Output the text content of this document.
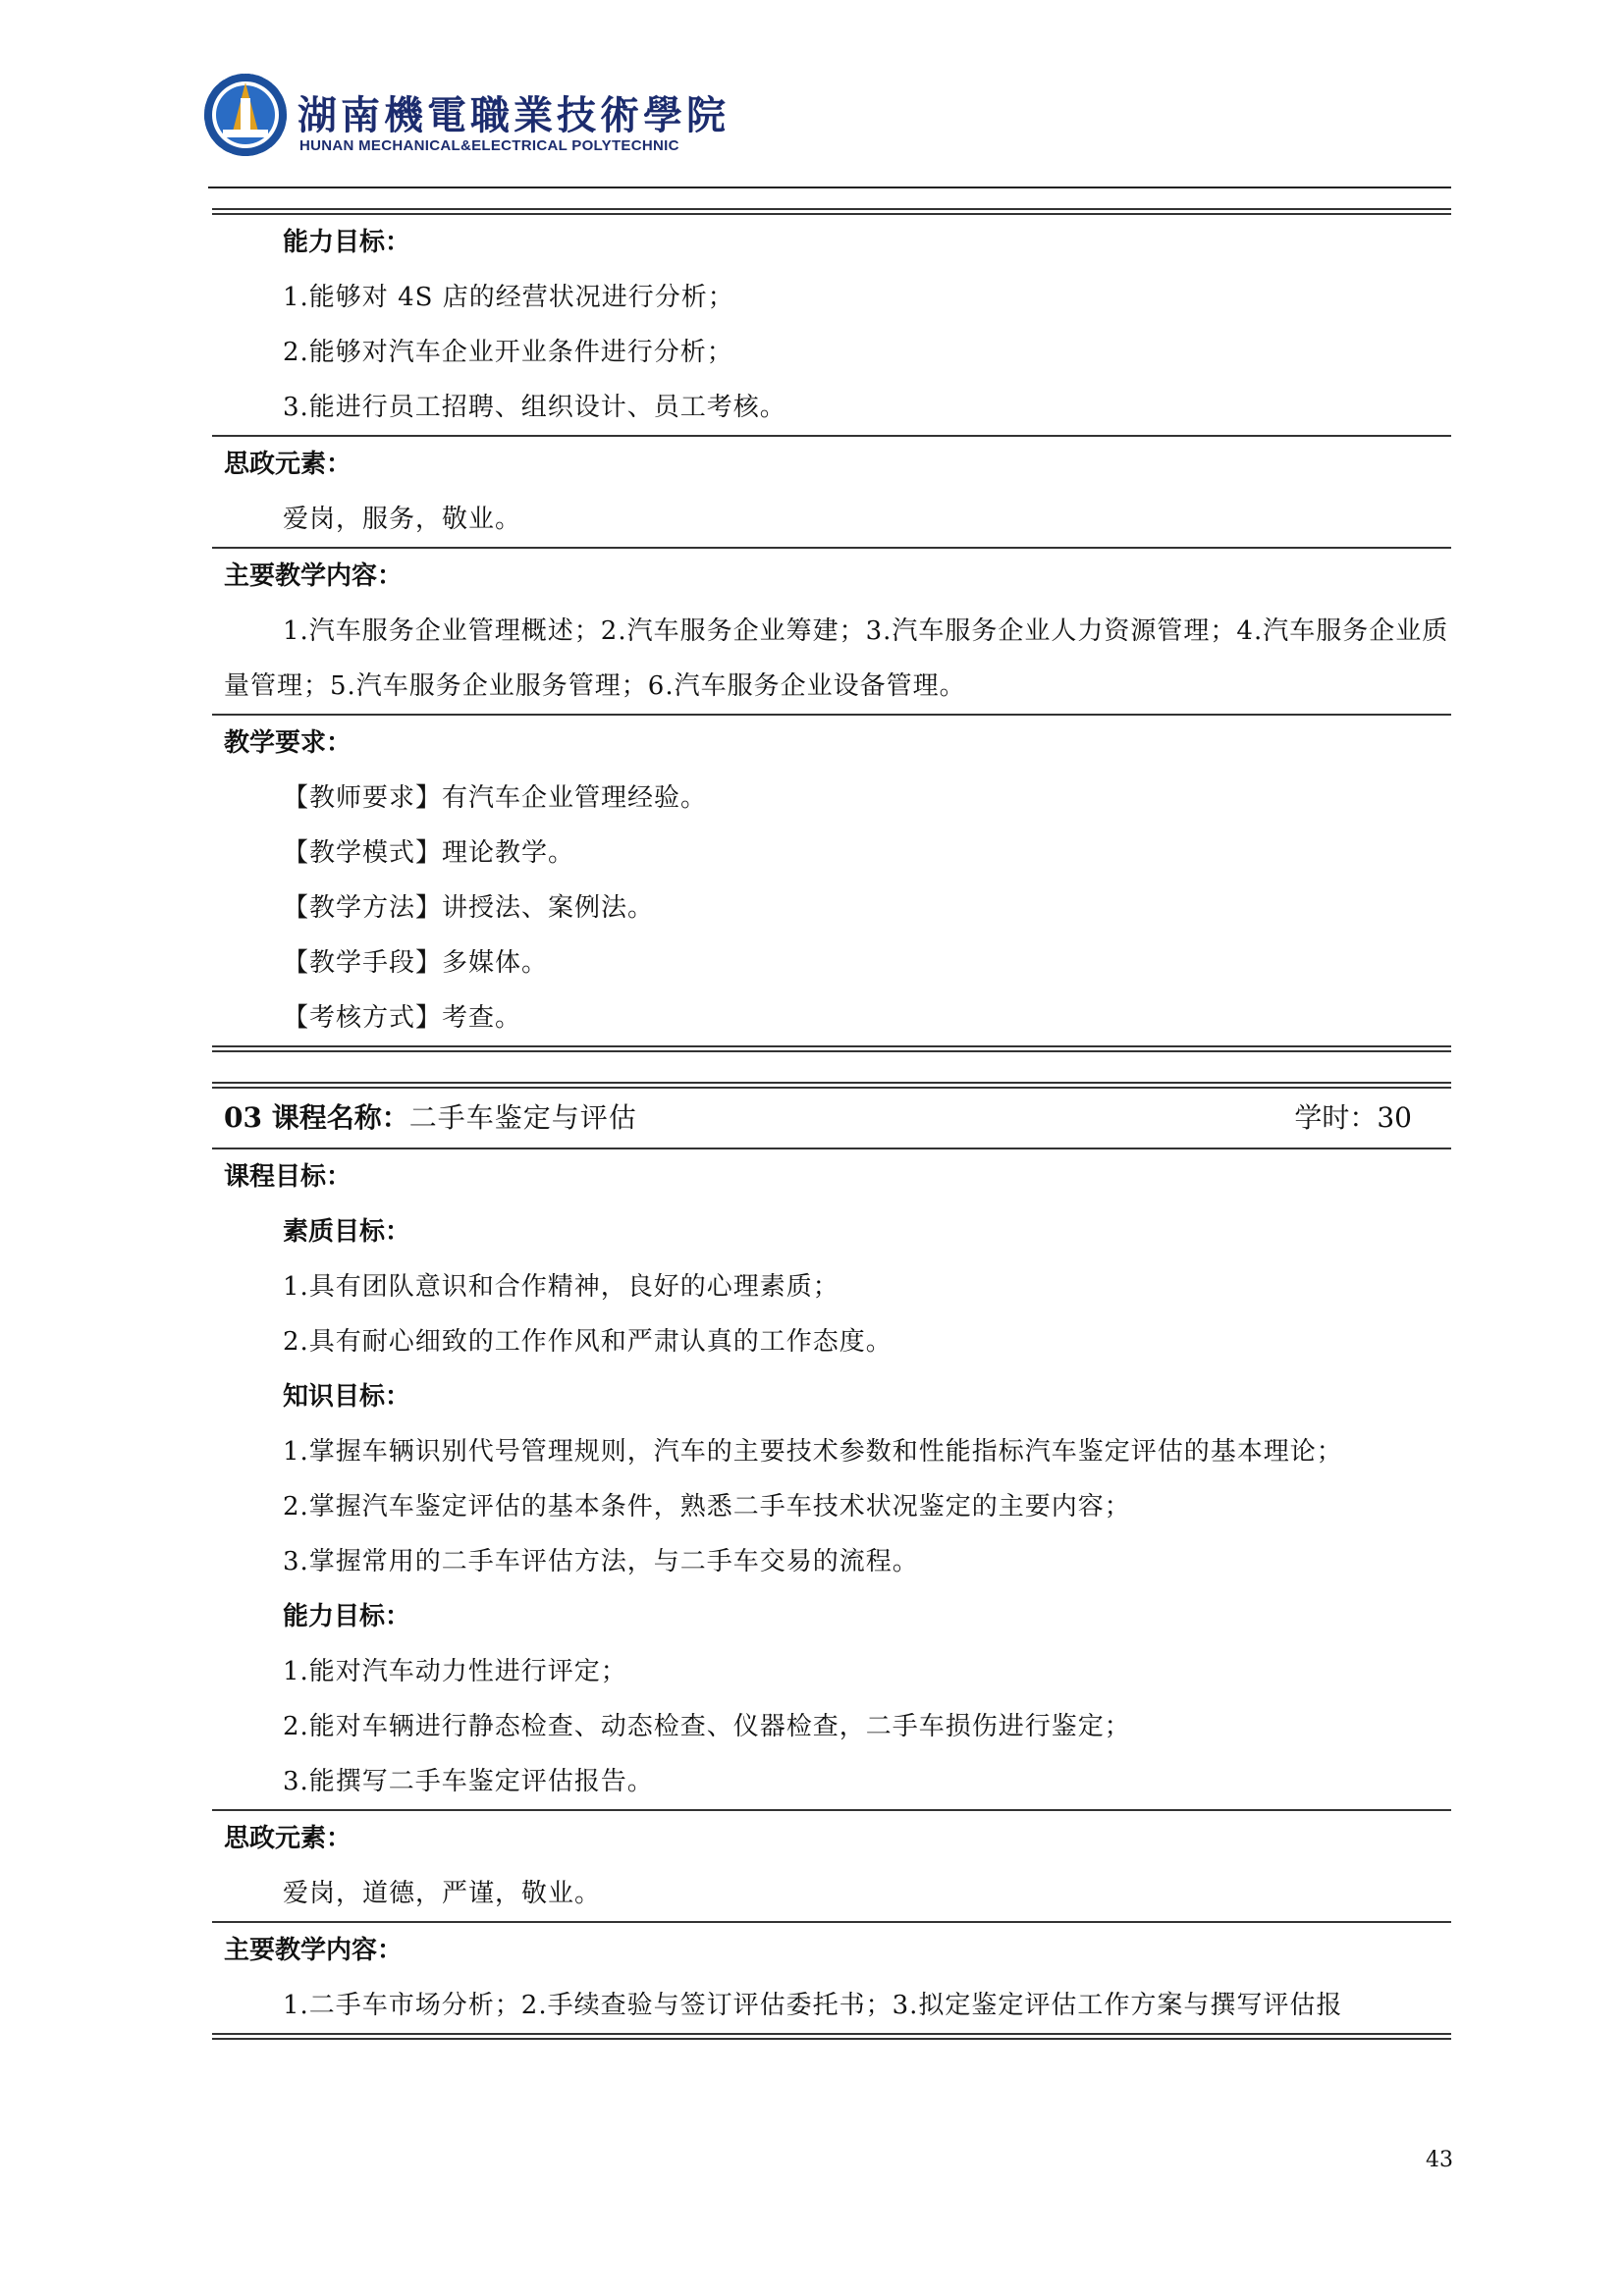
湖南機電職業技術學院
HUNAN MECHANICAL&ELECTRICAL POLYTECHNIC
能力目标：
1.能够对 4S 店的经营状况进行分析；
2.能够对汽车企业开业条件进行分析；
3.能进行员工招聘、组织设计、员工考核。
思政元素：
爱岗，服务，敬业。
主要教学内容：
1.汽车服务企业管理概述；2.汽车服务企业筹建；3.汽车服务企业人力资源管理；4.汽车服务企业质量管理；5.汽车服务企业服务管理；6.汽车服务企业设备管理。
教学要求：
【教师要求】有汽车企业管理经验。
【教学模式】理论教学。
【教学方法】讲授法、案例法。
【教学手段】多媒体。
【考核方式】考查。
03 课程名称：二手车鉴定与评估	学时：30
课程目标：
素质目标：
1.具有团队意识和合作精神，良好的心理素质；
2.具有耐心细致的工作作风和严肃认真的工作态度。
知识目标：
1.掌握车辆识别代号管理规则，汽车的主要技术参数和性能指标汽车鉴定评估的基本理论；
2.掌握汽车鉴定评估的基本条件，熟悉二手车技术状况鉴定的主要内容；
3.掌握常用的二手车评估方法，与二手车交易的流程。
能力目标：
1.能对汽车动力性进行评定；
2.能对车辆进行静态检查、动态检查、仪器检查，二手车损伤进行鉴定；
3.能撰写二手车鉴定评估报告。
思政元素：
爱岗，道德，严谨，敬业。
主要教学内容：
1.二手车市场分析；2.手续查验与签订评估委托书；3.拟定鉴定评估工作方案与撰写评估报
43
